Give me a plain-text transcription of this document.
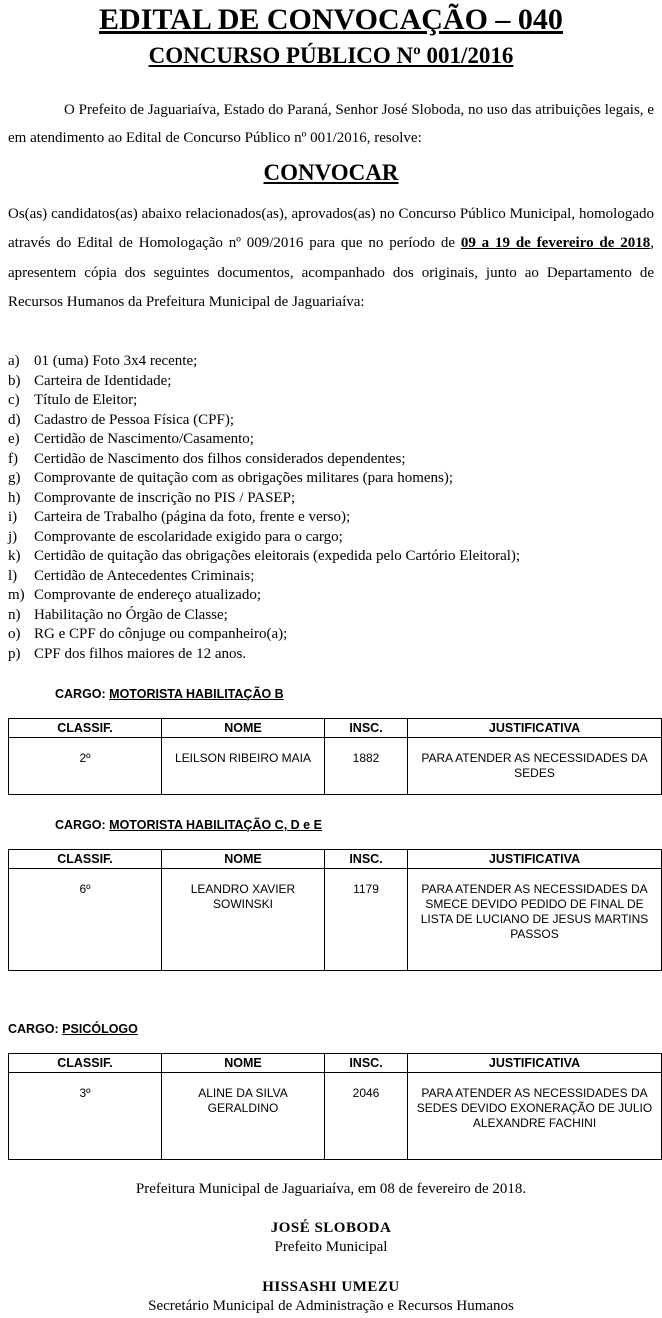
EDITAL DE CONVOCAÇÃO – 040
CONCURSO PÚBLICO Nº 001/2016

O Prefeito de Jaguariaíva, Estado do Paraná, Senhor José Sloboda, no uso das atribuições legais, e em atendimento ao Edital de Concurso Público nº 001/2016, resolve:

CONVOCAR

Os(as) candidatos(as) abaixo relacionados(as), aprovados(as) no Concurso Público Municipal, homologado através do Edital de Homologação nº 009/2016 para que no período de 09 a 19 de fevereiro de 2018, apresentem cópia dos seguintes documentos, acompanhado dos originais, junto ao Departamento de Recursos Humanos da Prefeitura Municipal de Jaguariaíva:

a) 01 (uma) Foto 3x4 recente;
b) Carteira de Identidade;
c) Título de Eleitor;
d) Cadastro de Pessoa Física (CPF);
e) Certidão de Nascimento/Casamento;
f)	Certidão de Nascimento dos filhos considerados dependentes;
g) Comprovante de quitação com as obrigações militares (para homens);
h) Comprovante de inscrição no PIS / PASEP;
i)	Carteira de Trabalho (página da foto, frente e verso);
j)	Comprovante de escolaridade exigido para o cargo;
k) Certidão de quitação das obrigações eleitorais (expedida pelo Cartório Eleitoral);
l)	Certidão de Antecedentes Criminais;
m) Comprovante de endereço atualizado;
n) Habilitação no Órgão de Classe;
o) RG e CPF do cônjuge ou companheiro(a);
p) CPF dos filhos maiores de 12 anos.

CARGO: MOTORISTA HABILITAÇÃO B

CLASSIF.	NOME	INSC.	JUSTIFICATIVA
2º	LEILSON RIBEIRO MAIA	1882	PARA ATENDER AS NECESSIDADES DA SEDES

CARGO: MOTORISTA HABILITAÇÃO C, D e E

CLASSIF.	NOME	INSC.	JUSTIFICATIVA
6º	LEANDRO XAVIER SOWINSKI	1179	PARA ATENDER AS NECESSIDADES DA SMECE DEVIDO PEDIDO DE FINAL DE LISTA DE LUCIANO DE JESUS MARTINS PASSOS

CARGO: PSICÓLOGO

CLASSIF.	NOME	INSC.	JUSTIFICATIVA
3º	ALINE DA SILVA GERALDINO	2046	PARA ATENDER AS NECESSIDADES DA SEDES DEVIDO EXONERAÇÃO DE JULIO ALEXANDRE FACHINI

Prefeitura Municipal de Jaguariaíva, em 08 de fevereiro de 2018.

JOSÉ SLOBODA

Prefeito Municipal

HISSASHI UMEZU

Secretário Municipal de Administração e Recursos Humanos
